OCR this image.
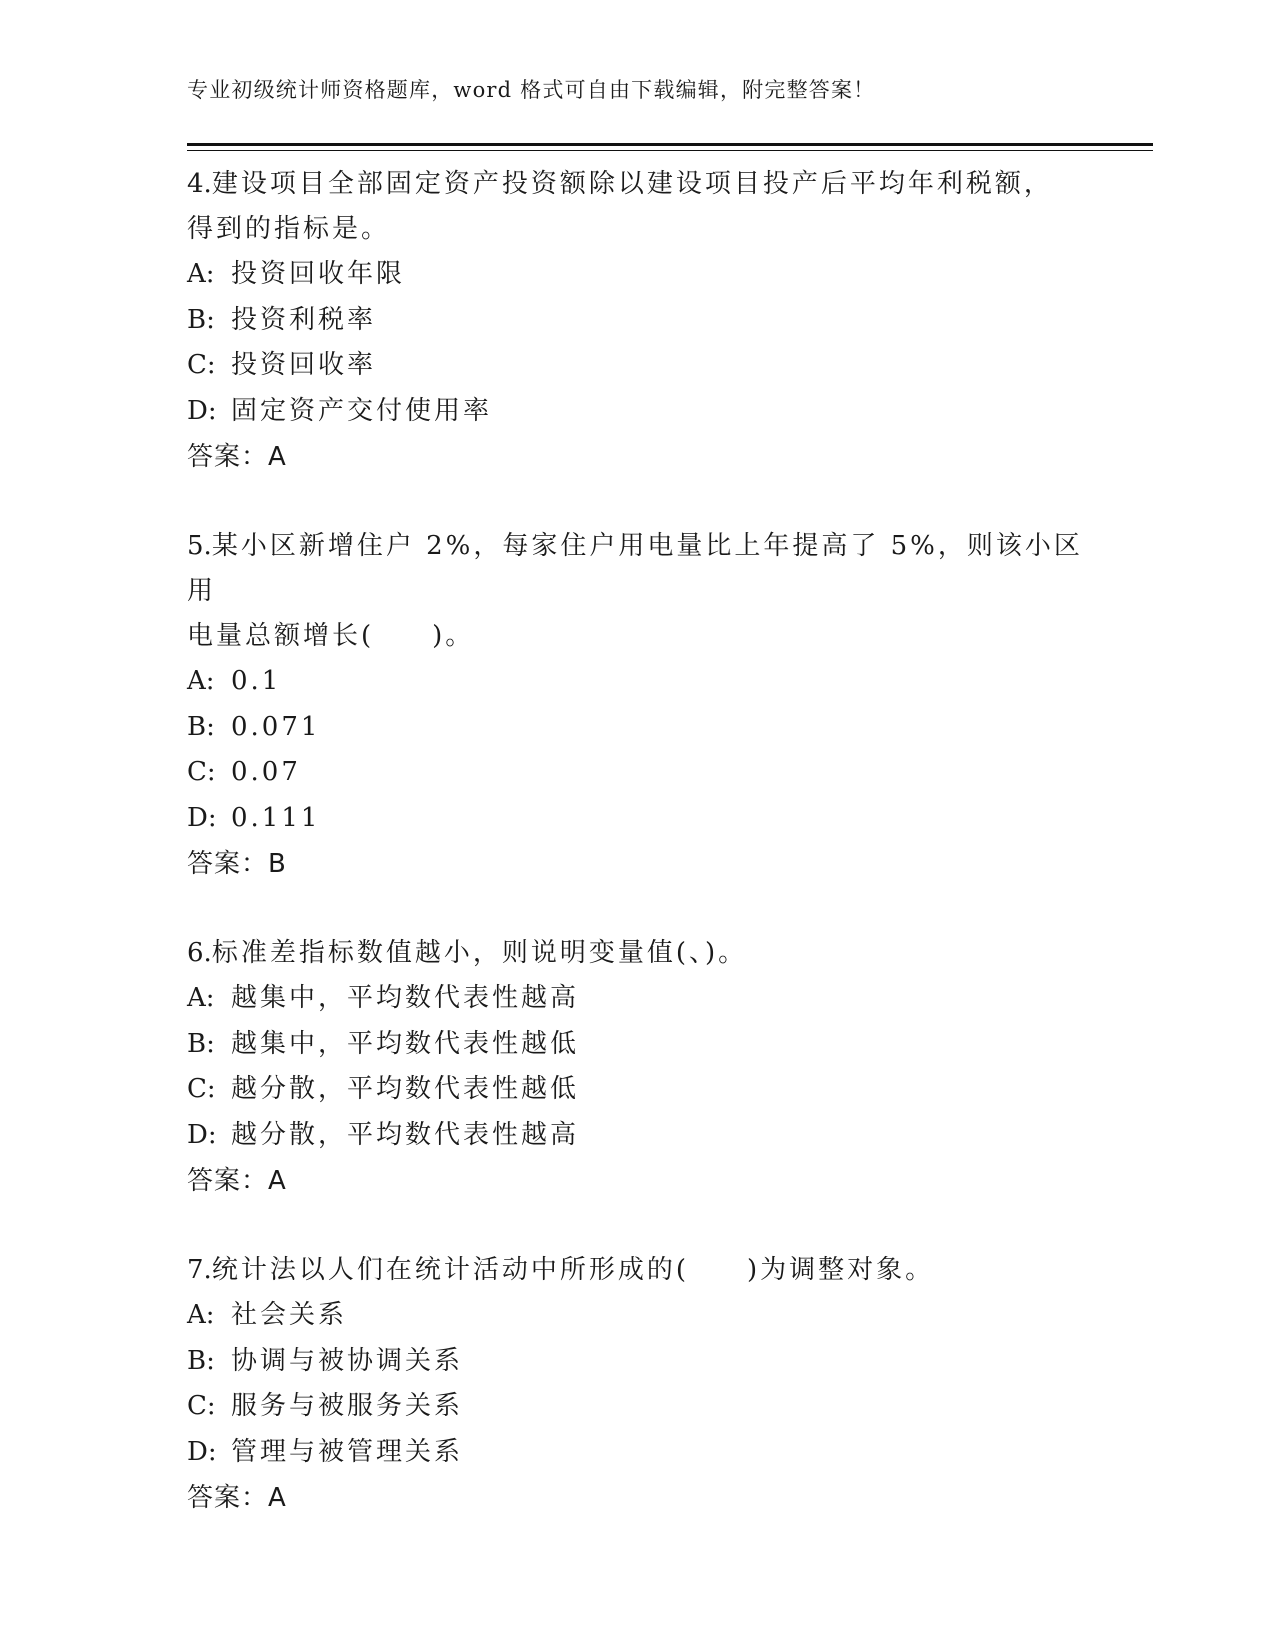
专业初级统计师资格题库，word 格式可自由下载编辑，附完整答案！
4.建设项目全部固定资产投资额除以建设项目投产后平均年利税额，
得到的指标是。
A: 投资回收年限
B: 投资利税率
C: 投资回收率
D: 固定资产交付使用率
答案：A
5.某小区新增住户 2%，每家住户用电量比上年提高了 5%，则该小区用
电量总额增长(　　)。
A: 0.1
B: 0.071
C: 0.07
D: 0.111
答案：B
6.标准差指标数值越小，则说明变量值(、)。
A: 越集中，平均数代表性越高
B: 越集中，平均数代表性越低
C: 越分散，平均数代表性越低
D: 越分散，平均数代表性越高
答案：A
7.统计法以人们在统计活动中所形成的(　　)为调整对象。
A: 社会关系
B: 协调与被协调关系
C: 服务与被服务关系
D: 管理与被管理关系
答案：A
